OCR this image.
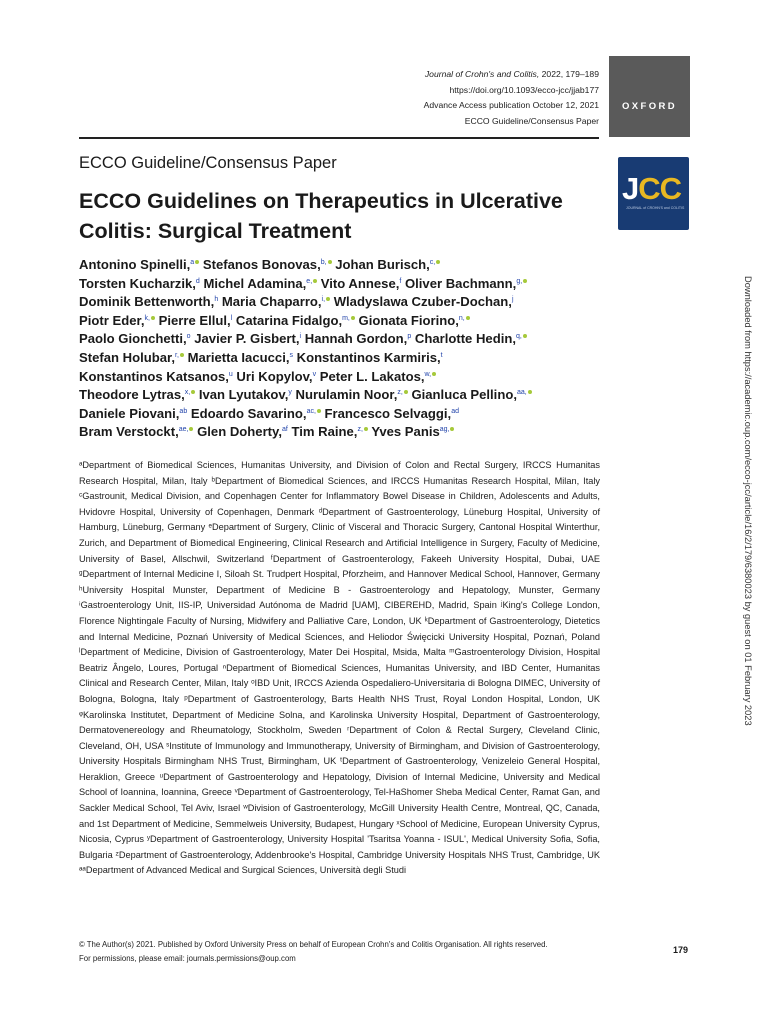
Journal of Crohn's and Colitis, 2022, 179–189
https://doi.org/10.1093/ecco-jcc/jjab177
Advance Access publication October 12, 2021
ECCO Guideline/Consensus Paper
OXFORD
ECCO Guideline/Consensus Paper
JCC
JOURNAL of CROHN'S and COLITIS
ECCO Guidelines on Therapeutics in Ulcerative Colitis: Surgical Treatment
Antonino Spinelli,$^a$ Stefanos Bonovas,$^{b,}$ Johan Burisch,$^{c,}$
Torsten Kucharzik,$^d$ Michel Adamina,$^{e,}$ Vito Annese,$^f$ Oliver Bachmann,$^{g,}$
Dominik Bettenworth,$^h$ Maria Chaparro,$^{i,}$ Wladyslawa Czuber-Dochan,$^j$
Piotr Eder,$^{k,}$ Pierre Ellul,$^l$ Catarina Fidalgo,$^{m,}$ Gionata Fiorino,$^{n,}$
Paolo Gionchetti,$^o$ Javier P. Gisbert,$^i$ Hannah Gordon,$^p$ Charlotte Hedin,$^{q,}$
Stefan Holubar,$^{r,}$ Marietta Iacucci,$^s$ Konstantinos Karmiris,$^t$
Konstantinos Katsanos,$^u$ Uri Kopylov,$^v$ Peter L. Lakatos,$^{w,}$
Theodore Lytras,$^{x,}$ Ivan Lyutakov,$^y$ Nurulamin Noor,$^{z,}$ Gianluca Pellino,$^{aa,}$
Daniele Piovani,$^{ab}$ Edoardo Savarino,$^{ac,}$ Francesco Selvaggi,$^{ad}$
Bram Verstockt,$^{ae,}$ Glen Doherty,$^{af}$ Tim Raine,$^{z,}$ Yves Panis$^{ag,}$
ᵃDepartment of Biomedical Sciences, Humanitas University, and Division of Colon and Rectal Surgery, IRCCS Humanitas Research Hospital, Milan, Italy ᵇDepartment of Biomedical Sciences, and IRCCS Humanitas Research Hospital, Milan, Italy ᶜGastrounit, Medical Division, and Copenhagen Center for Inflammatory Bowel Disease in Children, Adolescents and Adults, Hvidovre Hospital, University of Copenhagen, Denmark ᵈDepartment of Gastroenterology, Lüneburg Hospital, University of Hamburg, Lüneburg, Germany ᵉDepartment of Surgery, Clinic of Visceral and Thoracic Surgery, Cantonal Hospital Winterthur, Zurich, and Department of Biomedical Engineering, Clinical Research and Artificial Intelligence in Surgery, Faculty of Medicine, University of Basel, Allschwil, Switzerland ᶠDepartment of Gastroenterology, Fakeeh University Hospital, Dubai, UAE ᵍDepartment of Internal Medicine I, Siloah St. Trudpert Hospital, Pforzheim, and Hannover Medical School, Hannover, Germany ʰUniversity Hospital Munster, Department of Medicine B - Gastroenterology and Hepatology, Munster, Germany ⁱGastroenterology Unit, IIS-IP, Universidad Autónoma de Madrid [UAM], CIBEREHD, Madrid, Spain ʲKing's College London, Florence Nightingale Faculty of Nursing, Midwifery and Palliative Care, London, UK ᵏDepartment of Gastroenterology, Dietetics and Internal Medicine, Poznań University of Medical Sciences, and Heliodor Święcicki University Hospital, Poznań, Poland ˡDepartment of Medicine, Division of Gastroenterology, Mater Dei Hospital, Msida, Malta ᵐGastroenterology Division, Hospital Beatriz Ângelo, Loures, Portugal ⁿDepartment of Biomedical Sciences, Humanitas University, and IBD Center, Humanitas Clinical and Research Center, Milan, Italy ᵒIBD Unit, IRCCS Azienda Ospedaliero-Universitaria di Bologna DIMEC, University of Bologna, Bologna, Italy ᵖDepartment of Gastroenterology, Barts Health NHS Trust, Royal London Hospital, London, UK ᵠKarolinska Institutet, Department of Medicine Solna, and Karolinska University Hospital, Department of Gastroenterology, Dermatovenereology and Rheumatology, Stockholm, Sweden ʳDepartment of Colon & Rectal Surgery, Cleveland Clinic, Cleveland, OH, USA ˢInstitute of Immunology and Immunotherapy, University of Birmingham, and Division of Gastroenterology, University Hospitals Birmingham NHS Trust, Birmingham, UK ᵗDepartment of Gastroenterology, Venizeleio General Hospital, Heraklion, Greece ᵘDepartment of Gastroenterology and Hepatology, Division of Internal Medicine, University and Medical School of Ioannina, Ioannina, Greece ᵛDepartment of Gastroenterology, Tel-HaShomer Sheba Medical Center, Ramat Gan, and Sackler Medical School, Tel Aviv, Israel ʷDivision of Gastroenterology, McGill University Health Centre, Montreal, QC, Canada, and 1st Department of Medicine, Semmelweis University, Budapest, Hungary ˣSchool of Medicine, European University Cyprus, Nicosia, Cyprus ʸDepartment of Gastroenterology, University Hospital 'Tsaritsa Yoanna - ISUL', Medical University Sofia, Sofia, Bulgaria ᶻDepartment of Gastroenterology, Addenbrooke's Hospital, Cambridge University Hospitals NHS Trust, Cambridge, UK ᵃᵃDepartment of Advanced Medical and Surgical Sciences, Università degli Studi
© The Author(s) 2021. Published by Oxford University Press on behalf of European Crohn's and Colitis Organisation. All rights reserved.
For permissions, please email: journals.permissions@oup.com
179
Downloaded from https://academic.oup.com/ecco-jcc/article/16/2/179/6380023 by guest on 01 February 2023
